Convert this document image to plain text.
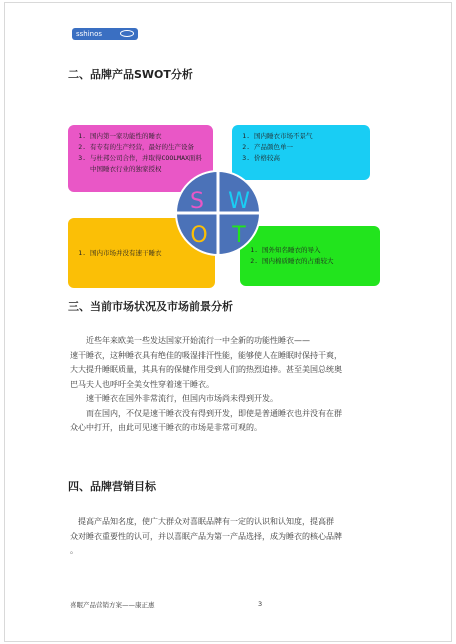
sshinos
二、品牌产品SWOT分析
1. 国内第一家功能性的睡衣
2. 有专有的生产经营，最好的生产设备
3. 与杜邦公司合作，并取得COOLMAX面料中国睡衣行业的独家授权
1. 国内睡衣市场不景气
2. 产品颜色单一
3. 价格较高
1. 国内市场并没有速干睡衣
1.	国外知名睡衣的导入
2. 国内棉质睡衣的占重较大
S W
O T
三、当前市场状况及市场前景分析
近些年来欧美一些发达国家开始流行一中全新的功能性睡衣——
速干睡衣，这种睡衣具有绝佳的吸湿排汗性能，能够使人在睡眠时保持干爽，
大大提升睡眠质量，其具有的保健作用受到人们的热烈追捧。甚至美国总统奥
巴马夫人也呼吁全美女性穿着速干睡衣。
速干睡衣在国外非常流行，但国内市场尚未得到开发。
而在国内，不仅是速干睡衣没有得到开发，即使是普通睡衣也并没有在群
众心中打开，由此可见速干睡衣的市场是非常可观的。
四、品牌营销目标
提高产品知名度，使广大群众对喜眠品牌有一定的认识和认知度，提高群
众对睡衣重要性的认可，并以喜眠产品为第一产品选择，成为睡衣的核心品牌
。
喜眠产品营销方案——康正惠	3
